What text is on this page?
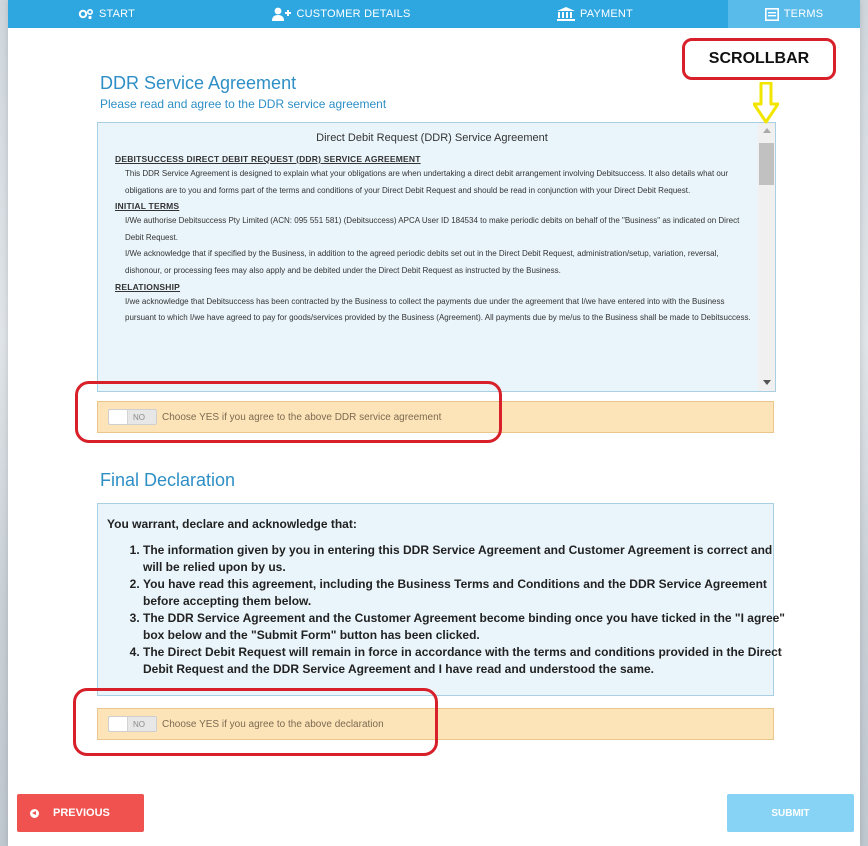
START	CUSTOMER DETAILS	PAYMENT	TERMS
DDR Service Agreement
Please read and agree to the DDR service agreement
Direct Debit Request (DDR) Service Agreement
DEBITSUCCESS DIRECT DEBIT REQUEST (DDR) SERVICE AGREEMENT
This DDR Service Agreement is designed to explain what your obligations are when undertaking a direct debit arrangement involving Debitsuccess. It also details what our obligations are to you and forms part of the terms and conditions of your Direct Debit Request and should be read in conjunction with your Direct Debit Request.
INITIAL TERMS
I/We authorise Debitsuccess Pty Limited (ACN: 095 551 581) (Debitsuccess) APCA User ID 184534 to make periodic debits on behalf of the "Business" as indicated on Direct Debit Request.
I/We acknowledge that if specified by the Business, in addition to the agreed periodic debits set out in the Direct Debit Request, administration/setup, variation, reversal, dishonour, or processing fees may also apply and be debited under the Direct Debit Request as instructed by the Business.
RELATIONSHIP
I/we acknowledge that Debitsuccess has been contracted by the Business to collect the payments due under the agreement that I/we have entered into with the Business pursuant to which I/we have agreed to pay for goods/services provided by the Business (Agreement). All payments due by me/us to the Business shall be made to Debitsuccess.
NO Choose YES if you agree to the above DDR service agreement
Final Declaration
You warrant, declare and acknowledge that:
1. The information given by you in entering this DDR Service Agreement and Customer Agreement is correct and will be relied upon by us.
2. You have read this agreement, including the Business Terms and Conditions and the DDR Service Agreement before accepting them below.
3. The DDR Service Agreement and the Customer Agreement become binding once you have ticked in the "I agree" box below and the "Submit Form" button has been clicked.
4. The Direct Debit Request will remain in force in accordance with the terms and conditions provided in the Direct Debit Request and the DDR Service Agreement and I have read and understood the same.
NO Choose YES if you agree to the above declaration
PREVIOUS	SUBMIT
SCROLLBAR
